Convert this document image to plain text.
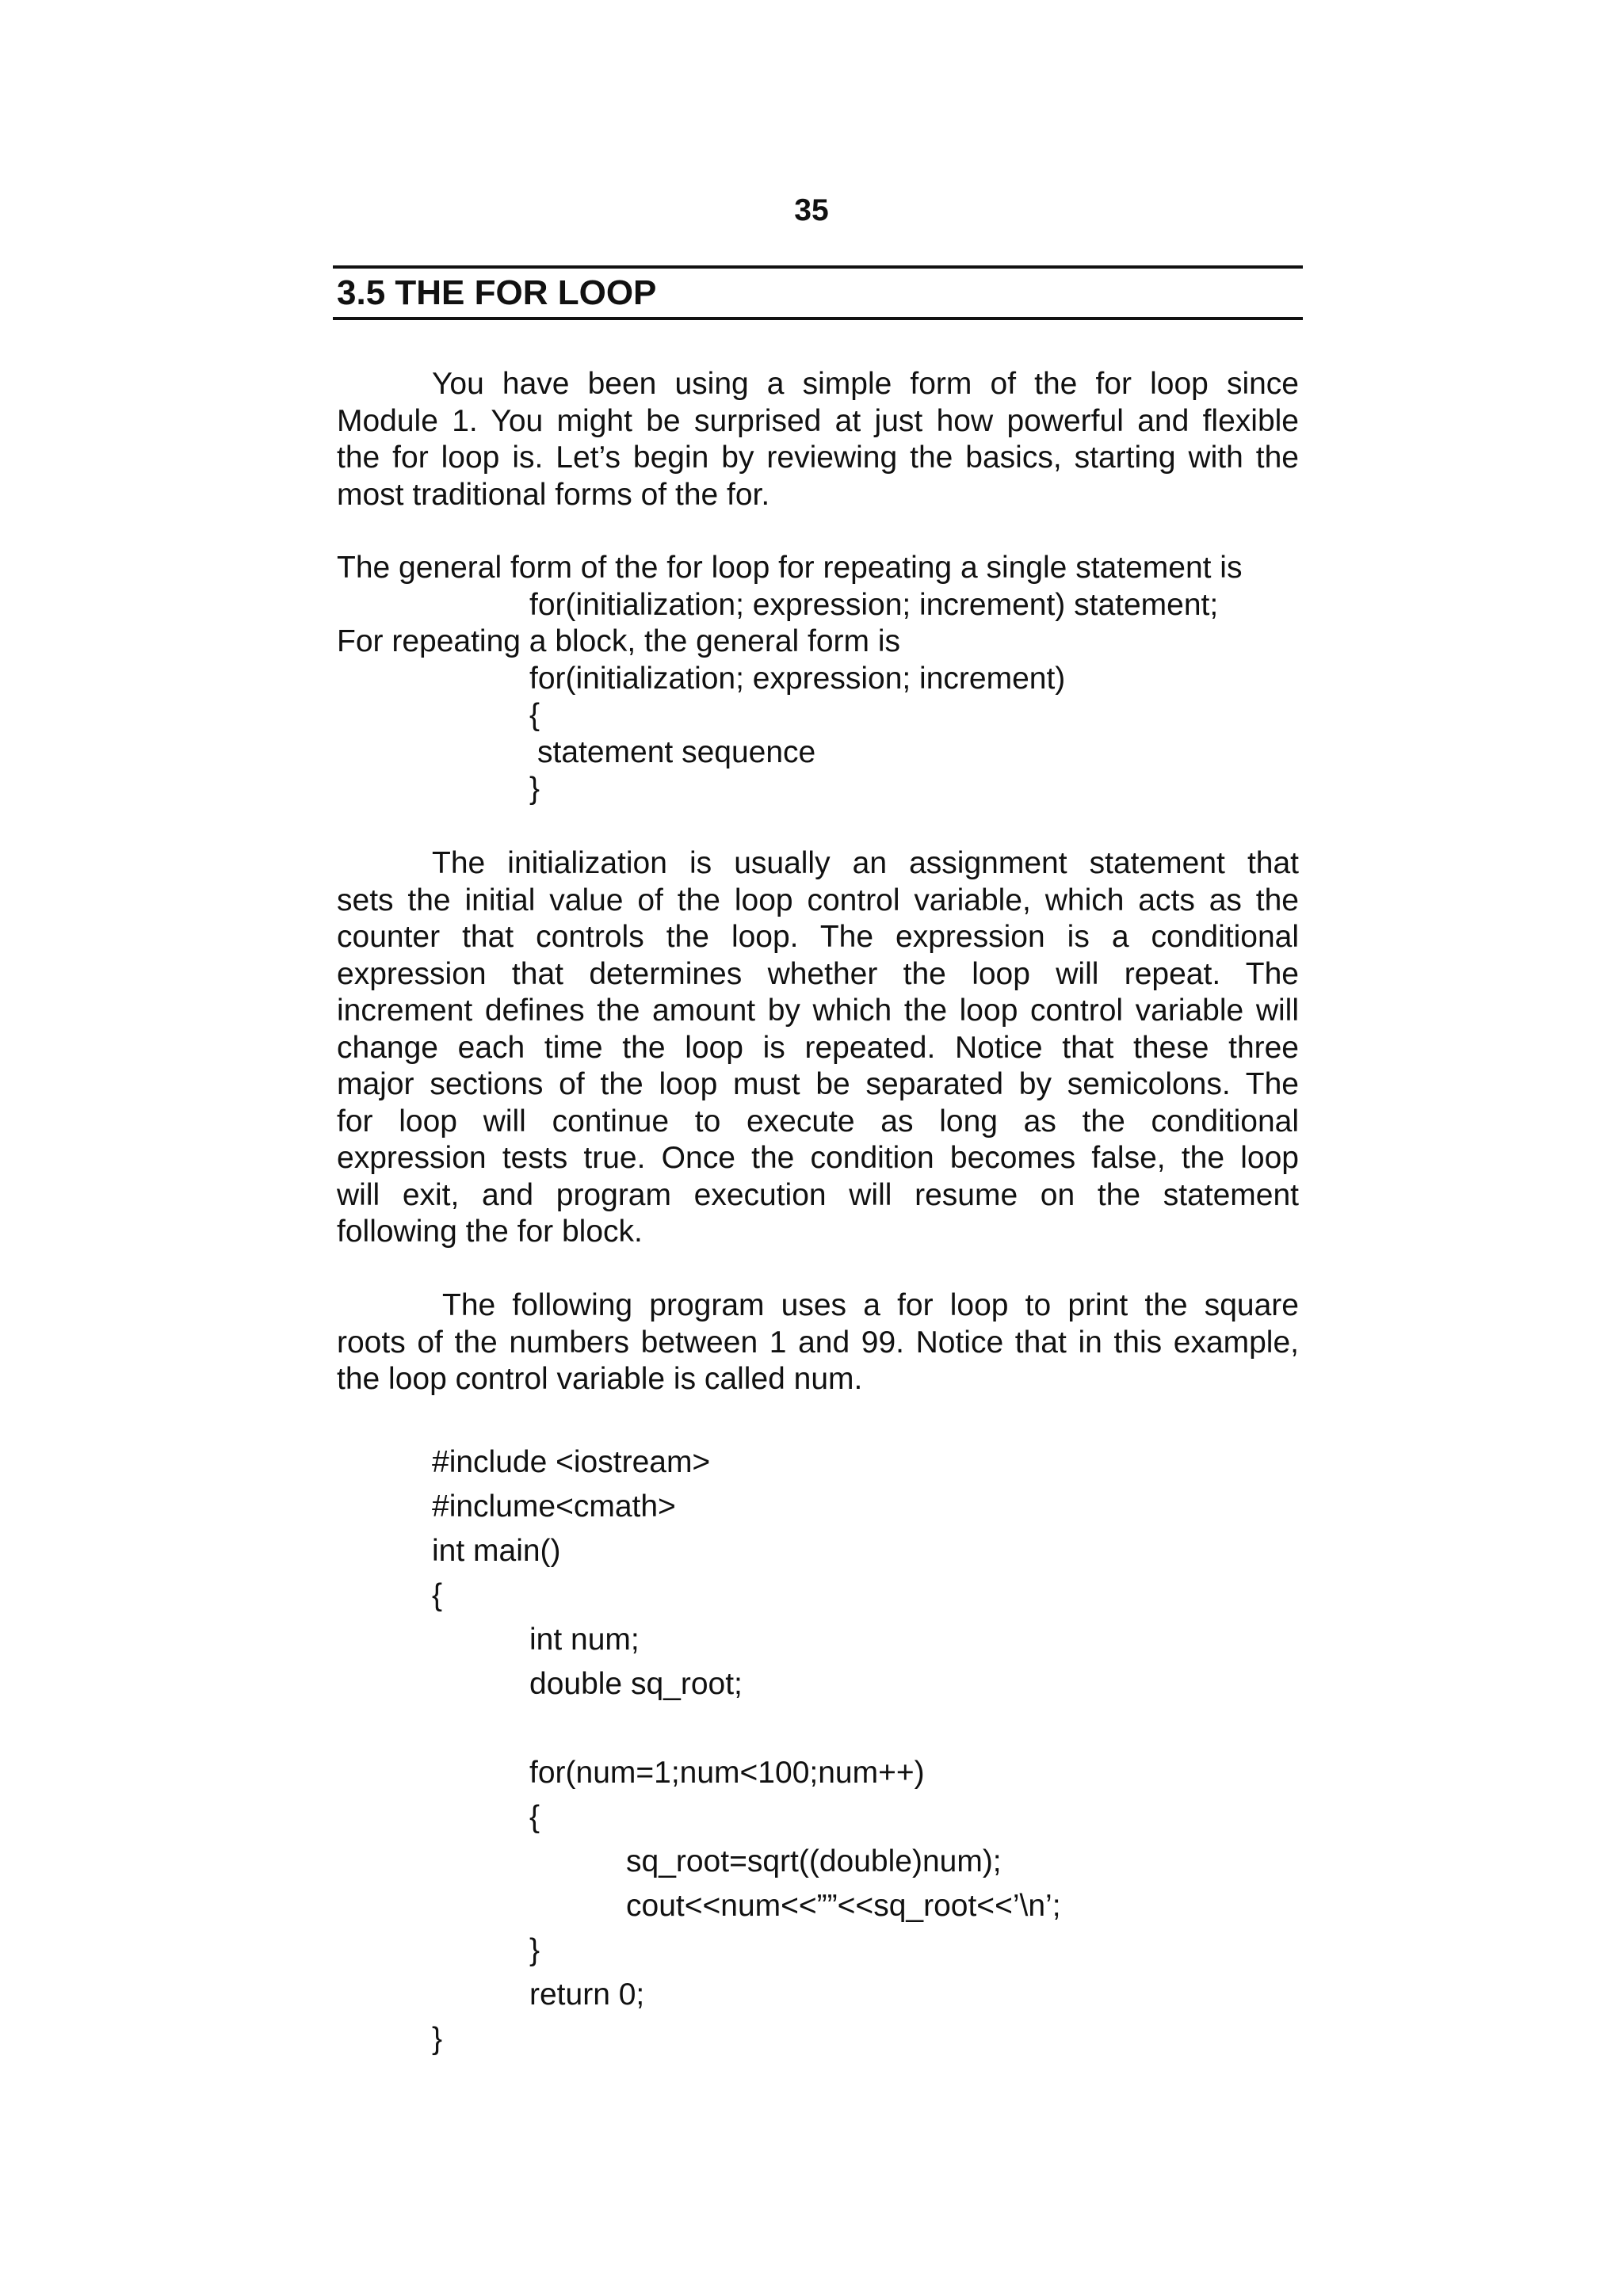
35
3.5 THE FOR LOOP
You have been using a simple form of the for loop since
Module 1. You might be surprised at just how powerful and flexible
the for loop is. Let’s begin by reviewing the basics, starting with the
most traditional forms of the for.
The general form of the for loop for repeating a single statement is
for(initialization; expression; increment) statement;
For repeating a block, the general form is
for(initialization; expression; increment)
{
statement sequence
}
The initialization is usually an assignment statement that
sets the initial value of the loop control variable, which acts as the
counter that controls the loop. The expression is a conditional
expression that determines whether the loop will repeat. The
increment defines the amount by which the loop control variable will
change each time the loop is repeated. Notice that these three
major sections of the loop must be separated by semicolons. The
for loop will continue to execute as long as the conditional
expression tests true. Once the condition becomes false, the loop
will exit, and program execution will resume on the statement
following the for block.
The following program uses a for loop to print the square
roots of the numbers between 1 and 99. Notice that in this example,
the loop control variable is called num.
#include <iostream>
#inclume<cmath>
int main()
{
int num;
double sq_root;
for(num=1;num<100;num++)
{
sq_root=sqrt((double)num);
cout<<num<<””<<sq_root<<’\n’;
}
return 0;
}
